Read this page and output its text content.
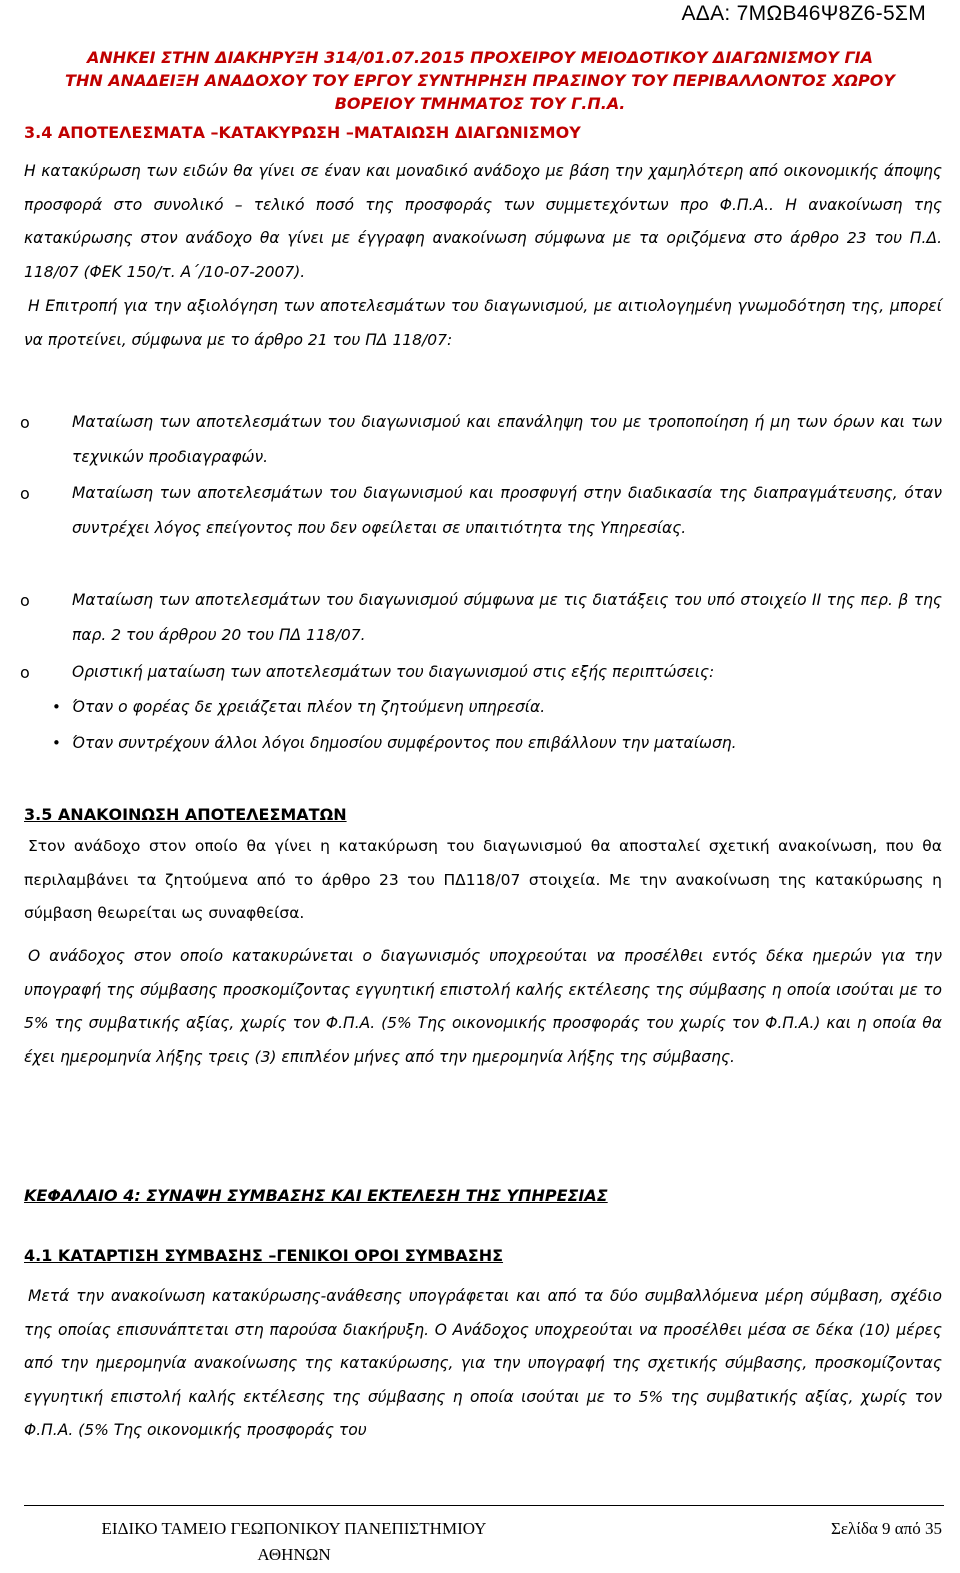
ΑΔΑ: 7ΜΩΒ46Ψ8Ζ6-5ΣΜ
ΑΝΗΚΕΙ ΣΤΗΝ ΔΙΑΚΗΡΥΞΗ 314/01.07.2015 ΠΡΟΧΕΙΡΟΥ ΜΕΙΟΔΟΤΙΚΟΥ ΔΙΑΓΩΝΙΣΜΟΥ ΓΙΑ
ΤΗΝ ΑΝΑΔΕΙΞΗ ΑΝΑΔΟΧΟΥ ΤΟΥ ΕΡΓΟΥ ΣΥΝΤΗΡΗΣΗ ΠΡΑΣΙΝΟΥ ΤΟΥ ΠΕΡΙΒΑΛΛΟΝΤΟΣ ΧΩΡΟΥ
ΒΟΡΕΙΟΥ ΤΜΗΜΑΤΟΣ ΤΟΥ Γ.Π.Α.
3.4 ΑΠΟΤΕΛΕΣΜΑΤΑ –ΚΑΤΑΚΥΡΩΣΗ –ΜΑΤΑΙΩΣΗ ΔΙΑΓΩΝΙΣΜΟΥ

Η κατακύρωση των ειδών θα γίνει σε έναν και μοναδικό ανάδοχο με βάση την χαμηλότερη από οικονομικής άποψης προσφορά στο συνολικό – τελικό ποσό της προσφοράς των συμμετεχόντων προ Φ.Π.Α.. Η ανακοίνωση της κατακύρωσης στον ανάδοχο θα γίνει με έγγραφη ανακοίνωση σύμφωνα με τα οριζόμενα στο άρθρο 23 του Π.Δ. 118/07 (ΦΕΚ 150/τ. Α΄/10-07-2007).

Η Επιτροπή για την αξιολόγηση των αποτελεσμάτων του διαγωνισμού, με αιτιολογημένη γνωμοδότηση της, μπορεί να προτείνει, σύμφωνα με το άρθρο 21 του ΠΔ 118/07:

o	Ματαίωση των αποτελεσμάτων του διαγωνισμού και επανάληψη του με τροποποίηση ή μη των όρων και των τεχνικών προδιαγραφών.

o	Ματαίωση των αποτελεσμάτων του διαγωνισμού και προσφυγή στην διαδικασία της διαπραγμάτευσης, όταν συντρέχει λόγος επείγοντος που δεν οφείλεται σε υπαιτιότητα της Υπηρεσίας.

o	Ματαίωση των αποτελεσμάτων του διαγωνισμού σύμφωνα με τις διατάξεις του υπό στοιχείο ΙΙ της περ. β της παρ. 2 του άρθρου 20 του ΠΔ 118/07.

o	Οριστική ματαίωση των αποτελεσμάτων του διαγωνισμού στις εξής περιπτώσεις:

• Όταν ο φορέας δε χρειάζεται πλέον τη ζητούμενη υπηρεσία.

• Όταν συντρέχουν άλλοι λόγοι δημοσίου συμφέροντος που επιβάλλουν την ματαίωση.

3.5 ΑΝΑΚΟΙΝΩΣΗ ΑΠΟΤΕΛΕΣΜΑΤΩΝ

Στον ανάδοχο στον οποίο θα γίνει η κατακύρωση του διαγωνισμού θα αποσταλεί σχετική ανακοίνωση, που θα περιλαμβάνει τα ζητούμενα από το άρθρο 23 του ΠΔ118/07 στοιχεία. Με την ανακοίνωση της κατακύρωσης η σύμβαση θεωρείται ως συναφθείσα.

Ο ανάδοχος στον οποίο κατακυρώνεται ο διαγωνισμός υποχρεούται να προσέλθει εντός δέκα ημερών για την υπογραφή της σύμβασης προσκομίζοντας εγγυητική επιστολή καλής εκτέλεσης της σύμβασης η οποία ισούται με το 5% της συμβατικής αξίας, χωρίς τον Φ.Π.Α. (5% Της οικονομικής προσφοράς του χωρίς τον Φ.Π.Α.) και η οποία θα έχει ημερομηνία λήξης τρεις (3) επιπλέον μήνες από την ημερομηνία λήξης της σύμβασης.

ΚΕΦΑΛΑΙΟ 4: ΣΥΝΑΨΗ ΣΥΜΒΑΣΗΣ ΚΑΙ ΕΚΤΕΛΕΣΗ ΤΗΣ ΥΠΗΡΕΣΙΑΣ
4.1 ΚΑΤΑΡΤΙΣΗ ΣΥΜΒΑΣΗΣ –ΓΕΝΙΚΟΙ ΟΡΟΙ ΣΥΜΒΑΣΗΣ

Μετά την ανακοίνωση κατακύρωσης-ανάθεσης υπογράφεται και από τα δύο συμβαλλόμενα μέρη σύμβαση, σχέδιο της οποίας επισυνάπτεται στη παρούσα διακήρυξη. Ο Ανάδοχος υποχρεούται να προσέλθει μέσα σε δέκα (10) μέρες από την ημερομηνία ανακοίνωσης της κατακύρωσης, για την υπογραφή της σχετικής σύμβασης, προσκομίζοντας εγγυητική επιστολή καλής εκτέλεσης της σύμβασης η οποία ισούται με το 5% της συμβατικής αξίας, χωρίς τον Φ.Π.Α. (5% Της οικονομικής προσφοράς του

ΕΙΔΙΚΟ ΤΑΜΕΙΟ ΓΕΩΠΟΝΙΚΟΥ ΠΑΝΕΠΙΣΤΗΜΙΟΥ
ΑΘΗΝΩΝ
Σελίδα 9 από 35
